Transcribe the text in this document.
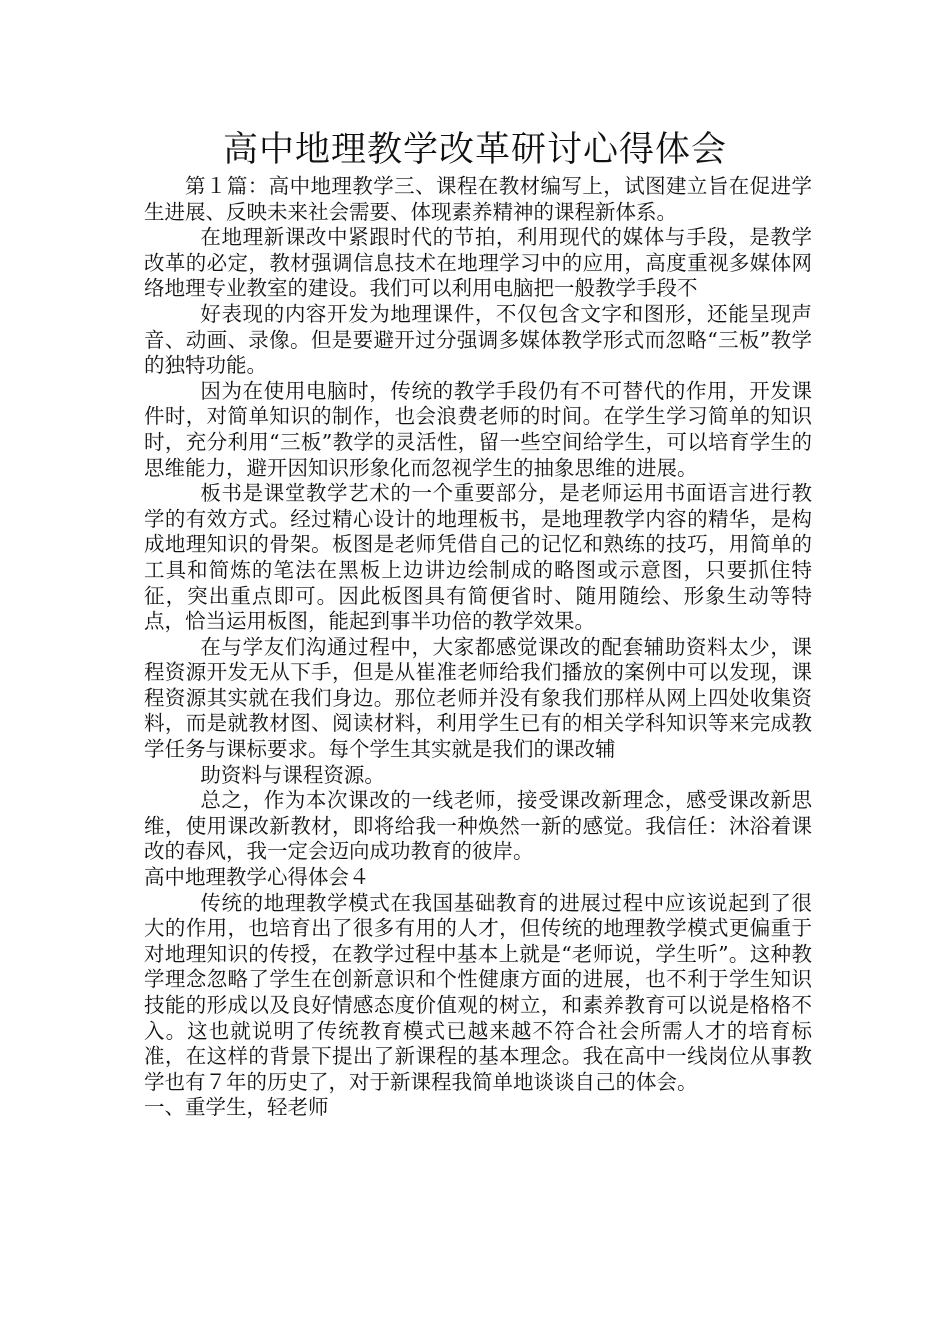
高中地理教学改革研讨心得体会

第１篇：高中地理教学三、课程在教材编写上，试图建立旨在促进学生进展、反映未来社会需要、体现素养精神的课程新体系。

在地理新课改中紧跟时代的节拍，利用现代的媒体与手段，是教学改革的必定，教材强调信息技术在地理学习中的应用，高度重视多媒体网络地理专业教室的建设。我们可以利用电脑把一般教学手段不

好表现的内容开发为地理课件，不仅包含文字和图形，还能呈现声音、动画、录像。但是要避开过分强调多媒体教学形式而忽略“三板”教学的独特功能。

因为在使用电脑时，传统的教学手段仍有不可替代的作用，开发课件时，对简单知识的制作，也会浪费老师的时间。在学生学习简单的知识时，充分利用“三板”教学的灵活性，留一些空间给学生，可以培育学生的思维能力，避开因知识形象化而忽视学生的抽象思维的进展。

板书是课堂教学艺术的一个重要部分，是老师运用书面语言进行教学的有效方式。经过精心设计的地理板书，是地理教学内容的精华，是构成地理知识的骨架。板图是老师凭借自己的记忆和熟练的技巧，用简单的工具和简炼的笔法在黑板上边讲边绘制成的略图或示意图，只要抓住特征，突出重点即可。因此板图具有简便省时、随用随绘、形象生动等特点，恰当运用板图，能起到事半功倍的教学效果。

在与学友们沟通过程中，大家都感觉课改的配套辅助资料太少，课程资源开发无从下手，但是从崔准老师给我们播放的案例中可以发现，课程资源其实就在我们身边。那位老师并没有象我们那样从网上四处收集资料，而是就教材图、阅读材料，利用学生已有的相关学科知识等来完成教学任务与课标要求。每个学生其实就是我们的课改辅

助资料与课程资源。

总之，作为本次课改的一线老师，接受课改新理念，感受课改新思维，使用课改新教材，即将给我一种焕然一新的感觉。我信任：沐浴着课改的春风，我一定会迈向成功教育的彼岸。

高中地理教学心得体会４

传统的地理教学模式在我国基础教育的进展过程中应该说起到了很大的作用，也培育出了很多有用的人才，但传统的地理教学模式更偏重于对地理知识的传授，在教学过程中基本上就是“老师说，学生听”。这种教学理念忽略了学生在创新意识和个性健康方面的进展，也不利于学生知识技能的形成以及良好情感态度价值观的树立，和素养教育可以说是格格不入。这也就说明了传统教育模式已越来越不符合社会所需人才的培育标准，在这样的背景下提出了新课程的基本理念。我在高中一线岗位从事教学也有７年的历史了，对于新课程我简单地谈谈自己的体会。

一、重学生，轻老师
